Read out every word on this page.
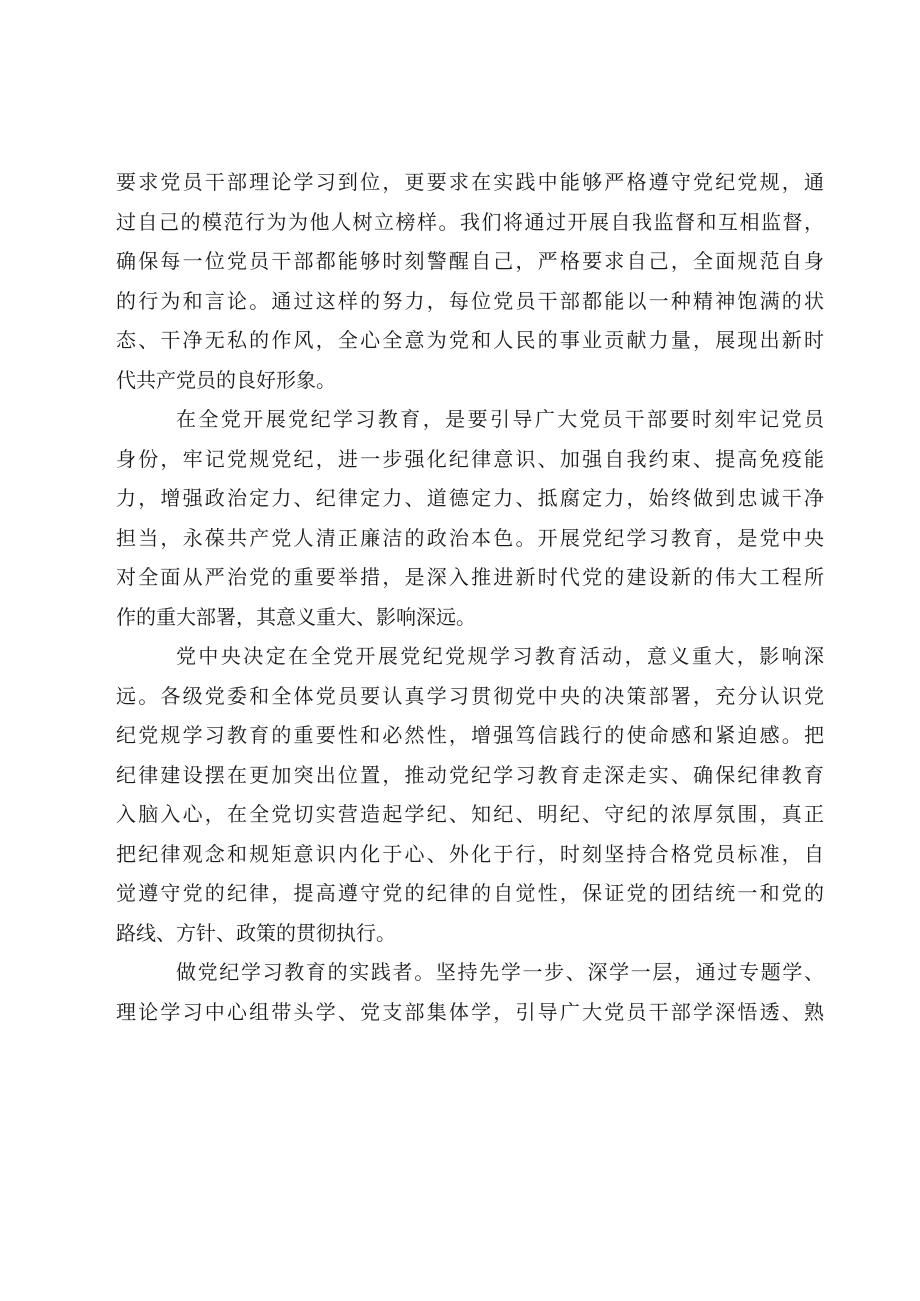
要求党员干部理论学习到位，更要求在实践中能够严格遵守党纪党规，通
过自己的模范行为为他人树立榜样。我们将通过开展自我监督和互相监督，
确保每一位党员干部都能够时刻警醒自己，严格要求自己，全面规范自身
的行为和言论。通过这样的努力，每位党员干部都能以一种精神饱满的状
态、干净无私的作风，全心全意为党和人民的事业贡献力量，展现出新时
代共产党员的良好形象。
在全党开展党纪学习教育，是要引导广大党员干部要时刻牢记党员
身份，牢记党规党纪，进一步强化纪律意识、加强自我约束、提高免疫能
力，增强政治定力、纪律定力、道德定力、抵腐定力，始终做到忠诚干净
担当，永葆共产党人清正廉洁的政治本色。开展党纪学习教育，是党中央
对全面从严治党的重要举措，是深入推进新时代党的建设新的伟大工程所
作的重大部署，其意义重大、影响深远。
党中央决定在全党开展党纪党规学习教育活动，意义重大，影响深
远。各级党委和全体党员要认真学习贯彻党中央的决策部署，充分认识党
纪党规学习教育的重要性和必然性，增强笃信践行的使命感和紧迫感。把
纪律建设摆在更加突出位置，推动党纪学习教育走深走实、确保纪律教育
入脑入心，在全党切实营造起学纪、知纪、明纪、守纪的浓厚氛围，真正
把纪律观念和规矩意识内化于心、外化于行，时刻坚持合格党员标准，自
觉遵守党的纪律，提高遵守党的纪律的自觉性，保证党的团结统一和党的
路线、方针、政策的贯彻执行。
做党纪学习教育的实践者。坚持先学一步、深学一层，通过专题学、
理论学习中心组带头学、党支部集体学，引导广大党员干部学深悟透、熟
